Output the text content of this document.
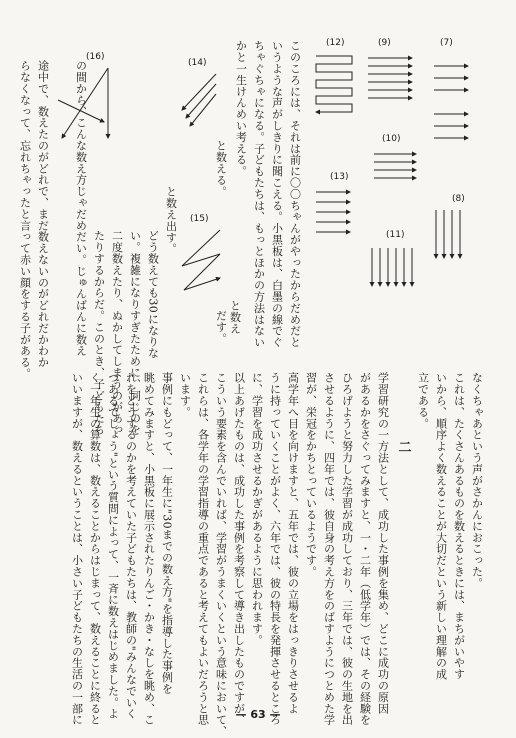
このころには、それは前に〇〇ちゃんがやったからだめだと
いうような声がしきりに聞こえる。小黒板は、白墨の線でぐ
ちゃぐちゃになる。子どもたちは、もっとほかの方法はない
かと一生けんめい考える。
と数える。
と数え
だす。
と数え出す。
どう数えても30になりな
い。複雑になりすぎたために、同じのを
二度数えたり、ぬかしてしまうのがあっ
たりするからだ。このとき、子どもたち
の間から、こんな数え方じゃだめだい。じゅんばんに数え
途中で、数えたのがどれで、まだ数えないのがどれだかわか
らなくなって、忘れちゃったと言って赤い顔をする子がある。
(7)
(8)
(9)
(10)
(11)
(12)
(13)
(14)
(15)
(16)
なくちゃあという声がさかんにおこった。
これは、たくさんあるものを数えるときには、まちがいやす
いから、順序よく数えることが大切だという新しい理解の成
立である。
二
学習研究の一方法として、成功した事例を集め、どこに成功の原因
があるかをさぐってみますと、一・二年（低学年）では、その経験を
ひろげようと努力した学習が成功しており、三年では、彼の生地を出
させるように、四年では、彼自身の考え方をのばすようにつとめた学
習が、栄冠をかちとっているようです。
高学年へ目を向けますと、五年では、彼の立場をはっきりさせるよ
うに持っていくことがよく、六年では、彼の特長を発揮させるところ
に、学習を成功させるかぎがあるように思われます。
以上あげたものは、成功した事例を考察して導き出したものですが、
こういう要素を含んでいれば、学習がうまくいくという意味において、
これらは、各学年の学習指導の重点であると考えてもよいだろうと思
います。
事例にもどって、一年生に"30までの数え方"を指導した事例を
眺めてみますと、小黒板に展示されたりんご・かき・なしを眺め、こ
れをどうするのかを考えていた子どもたちは、教師の"みんなでいく
つあるでしょう"という質問によって、一斉に数えはじめました。よ
く一年生の算数は、数えることからはじまって、数えることに終ると
いいますが、数えるということは、小さい子どもたちの生活の一部に	— 63 —
